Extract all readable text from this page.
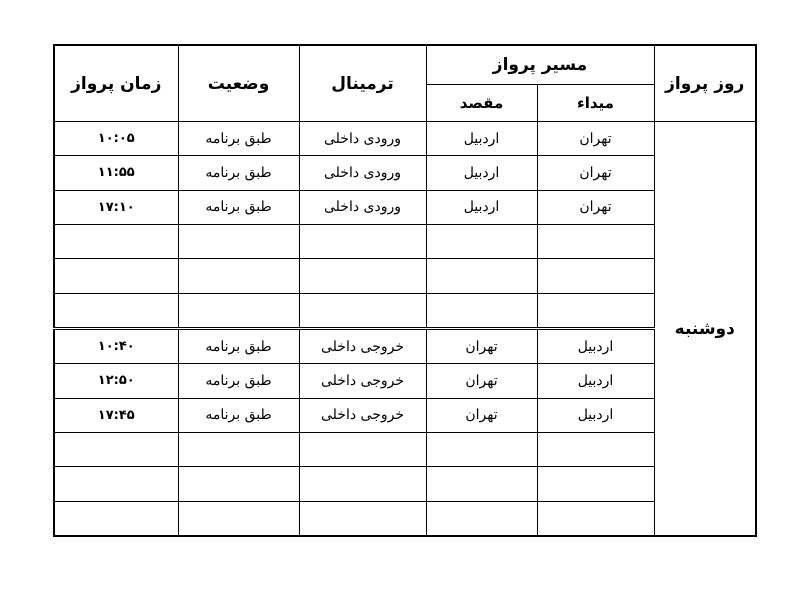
روز پرواز	مسیر پرواز		ترمینال	وضعیت	زمان پرواز
	میداء	مقصد			
دوشنبه	تهران	اردبیل	ورودی داخلی	طبق برنامه	۱۰:۰۵
	تهران	اردبیل	ورودی داخلی	طبق برنامه	۱۱:۵۵
	تهران	اردبیل	ورودی داخلی	طبق برنامه	۱۷:۱۰

	اردبیل	تهران	خروجی داخلی	طبق برنامه	۱۰:۴۰
	اردبیل	تهران	خروجی داخلی	طبق برنامه	۱۲:۵۰
	اردبیل	تهران	خروجی داخلی	طبق برنامه	۱۷:۴۵
